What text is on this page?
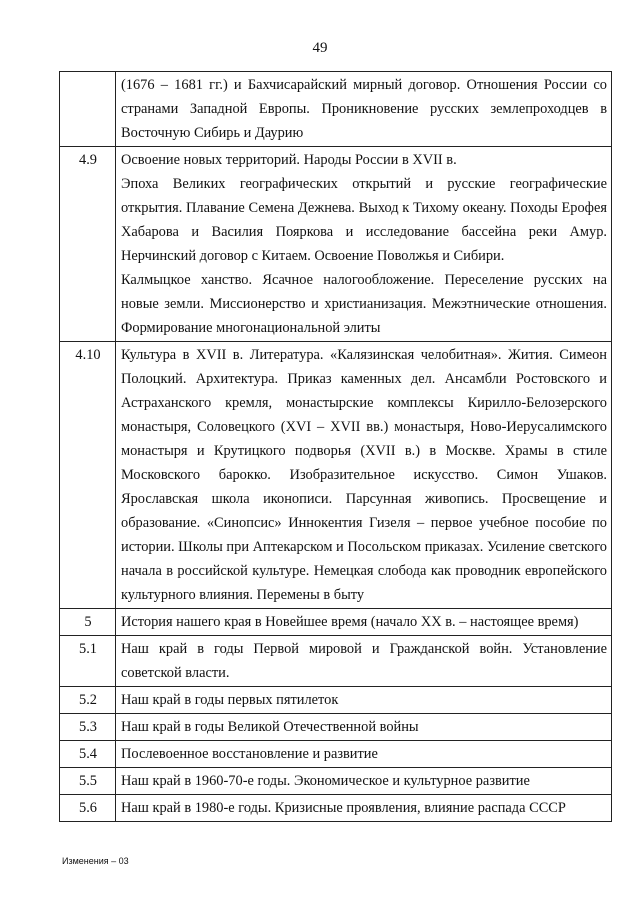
49

	(1676 – 1681 гг.) и Бахчисарайский мирный договор. Отношения России со странами Западной Европы. Проникновение русских землепроходцев в Восточную Сибирь и Даурию

4.9	Освоение новых территорий. Народы России в XVII в.

Эпоха Великих географических открытий и русские географические открытия. Плавание Семена Дежнева. Выход к Тихому океану. Походы Ерофея Хабарова и Василия Пояркова и исследование бассейна реки Амур. Нерчинский договор с Китаем. Освоение Поволжья и Сибири.

Калмыцкое ханство. Ясачное налогообложение. Переселение русских на новые земли. Миссионерство и христианизация. Межэтнические отношения. Формирование многонациональной элиты

4.10	Культура в XVII в. Литература. «Калязинская челобитная». Жития. Симеон Полоцкий. Архитектура. Приказ каменных дел. Ансамбли Ростовского и Астраханского кремля, монастырские комплексы Кирилло-Белозерского монастыря, Соловецкого (XVI – XVII вв.) монастыря, Ново-Иерусалимского монастыря и Крутицкого подворья (XVII в.) в Москве. Храмы в стиле Московского барокко. Изобразительное искусство. Симон Ушаков. Ярославская школа иконописи. Парсунная живопись. Просвещение и образование. «Синопсис» Иннокентия Гизеля – первое учебное пособие по истории. Школы при Аптекарском и Посольском приказах. Усиление светского начала в российской культуре. Немецкая слобода как проводник европейского культурного влияния. Перемены в быту

5	История нашего края в Новейшее время (начало XX в. – настоящее время)

5.1	Наш край в годы Первой мировой и Гражданской войн. Установление советской власти.

5.2	Наш край в годы первых пятилеток

5.3	Наш край в годы Великой Отечественной войны

5.4	Послевоенное восстановление и развитие

5.5	Наш край в 1960-70-е годы. Экономическое и культурное развитие

5.6	Наш край в 1980-е годы. Кризисные проявления, влияние распада СССР

Изменения – 03
